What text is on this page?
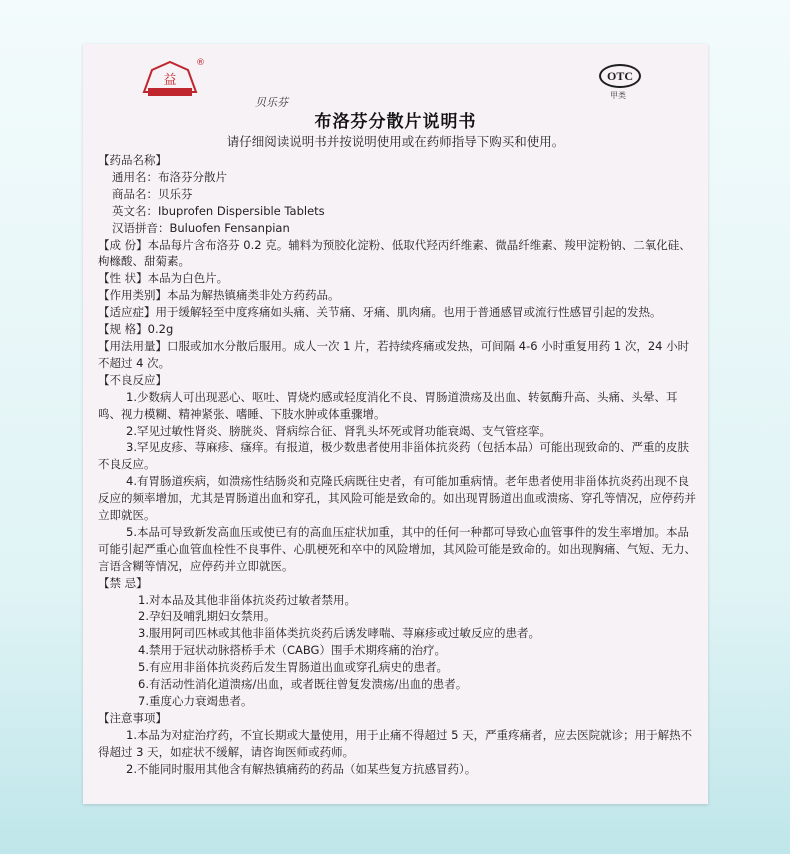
益
®
OTC
甲类
贝乐芬
布洛芬分散片说明书
请仔细阅读说明书并按说明使用或在药师指导下购买和使用。

【药品名称】

通用名：布洛芬分散片

商品名：贝乐芬

英文名：Ibuprofen Dispersible Tablets

汉语拼音：Buluofen Fensanpian

【成 份】本品每片含布洛芬 0.2 克。辅料为预胶化淀粉、低取代羟丙纤维素、微晶纤维素、羧甲淀粉钠、二氧化硅、枸橼酸、甜菊素。

【性 状】本品为白色片。

【作用类别】本品为解热镇痛类非处方药药品。

【适应症】用于缓解轻至中度疼痛如头痛、关节痛、牙痛、肌肉痛。也用于普通感冒或流行性感冒引起的发热。

【规 格】0.2g

【用法用量】口服或加水分散后服用。成人一次 1 片，若持续疼痛或发热，可间隔 4-6 小时重复用药 1 次，24 小时不超过 4 次。

【不良反应】

1.少数病人可出现恶心、呕吐、胃烧灼感或轻度消化不良、胃肠道溃疡及出血、转氨酶升高、头痛、头晕、耳鸣、视力模糊、精神紧张、嗜睡、下肢水肿或体重骤增。

2.罕见过敏性肾炎、膀胱炎、肾病综合征、肾乳头坏死或肾功能衰竭、支气管痉挛。

3.罕见皮疹、荨麻疹、瘙痒。有报道，极少数患者使用非甾体抗炎药（包括本品）可能出现致命的、严重的皮肤不良反应。

4.有胃肠道疾病，如溃疡性结肠炎和克隆氏病既往史者，有可能加重病情。老年患者使用非甾体抗炎药出现不良反应的频率增加，尤其是胃肠道出血和穿孔，其风险可能是致命的。如出现胃肠道出血或溃疡、穿孔等情况，应停药并立即就医。

5.本品可导致新发高血压或使已有的高血压症状加重，其中的任何一种都可导致心血管事件的发生率增加。本品可能引起严重心血管血栓性不良事件、心肌梗死和卒中的风险增加，其风险可能是致命的。如出现胸痛、气短、无力、言语含糊等情况，应停药并立即就医。

【禁 忌】

1.对本品及其他非甾体抗炎药过敏者禁用。

2.孕妇及哺乳期妇女禁用。

3.服用阿司匹林或其他非甾体类抗炎药后诱发哮喘、荨麻疹或过敏反应的患者。

4.禁用于冠状动脉搭桥手术（CABG）围手术期疼痛的治疗。

5.有应用非甾体抗炎药后发生胃肠道出血或穿孔病史的患者。

6.有活动性消化道溃疡/出血，或者既往曾复发溃疡/出血的患者。

7.重度心力衰竭患者。

【注意事项】

1.本品为对症治疗药，不宜长期或大量使用，用于止痛不得超过 5 天，严重疼痛者，应去医院就诊；用于解热不得超过 3 天，如症状不缓解，请咨询医师或药师。

2.不能同时服用其他含有解热镇痛药的药品（如某些复方抗感冒药）。
